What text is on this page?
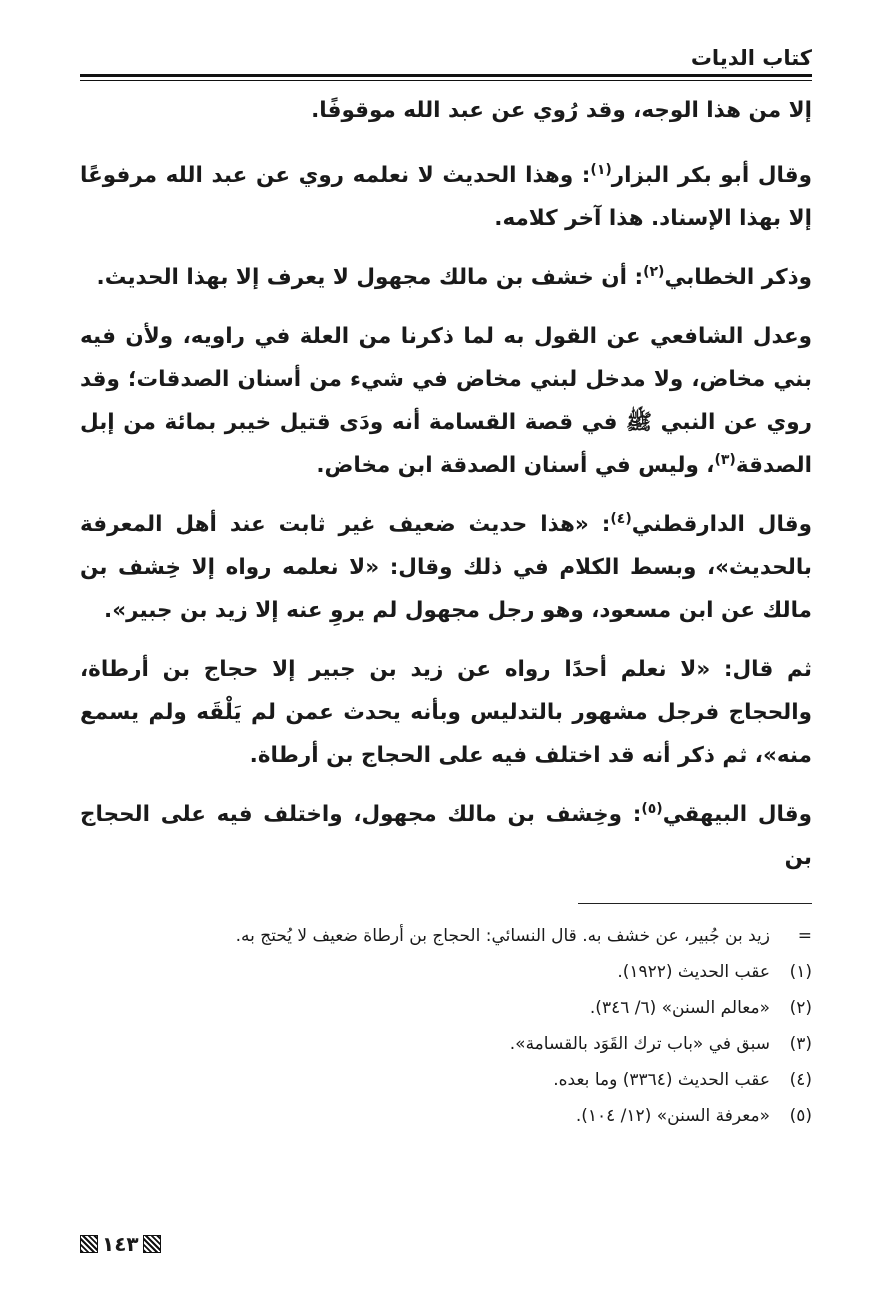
كتاب الديات

إلا من هذا الوجه، وقد رُوي عن عبد الله موقوفًا.

وقال أبو بكر البزار$^{(١)}$: وهذا الحديث لا نعلمه روي عن عبد الله مرفوعًا إلا بهذا الإسناد. هذا آخر كلامه.

وذكر الخطابي$^{(٢)}$: أن خشف بن مالك مجهول لا يعرف إلا بهذا الحديث.

وعدل الشافعي عن القول به لما ذكرنا من العلة في راويه، ولأن فيه بني مخاض، ولا مدخل لبني مخاض في شيء من أسنان الصدقات؛ وقد روي عن النبي ﷺ في قصة القسامة أنه ودَى قتيل خيبر بمائة من إبل الصدقة$^{(٣)}$، وليس في أسنان الصدقة ابن مخاض.

وقال الدارقطني$^{(٤)}$: «هذا حديث ضعيف غير ثابت عند أهل المعرفة بالحديث»، وبسط الكلام في ذلك وقال: «لا نعلمه رواه إلا خِشف بن مالك عن ابن مسعود، وهو رجل مجهول لم يروِ عنه إلا زيد بن جبير».

ثم قال: «لا نعلم أحدًا رواه عن زيد بن جبير إلا حجاج بن أرطاة، والحجاج فرجل مشهور بالتدليس وبأنه يحدث عمن لم يَلْقَه ولم يسمع منه»، ثم ذكر أنه قد اختلف فيه على الحجاج بن أرطاة.

وقال البيهقي$^{(٥)}$: وخِشف بن مالك مجهول، واختلف فيه على الحجاج بن

=
زيد بن جُبير، عن خشف به. قال النسائي: الحجاج بن أرطاة ضعيف لا يُحتج به.
(١)
عقب الحديث (١٩٢٢).
(٢)
«معالم السنن» (٦/ ٣٤٦).
(٣)
سبق في «باب ترك القَوَد بالقسامة».
(٤)
عقب الحديث (٣٣٦٤) وما بعده.
(٥)
«معرفة السنن» (١٢/ ١٠٤).
١٤٣
